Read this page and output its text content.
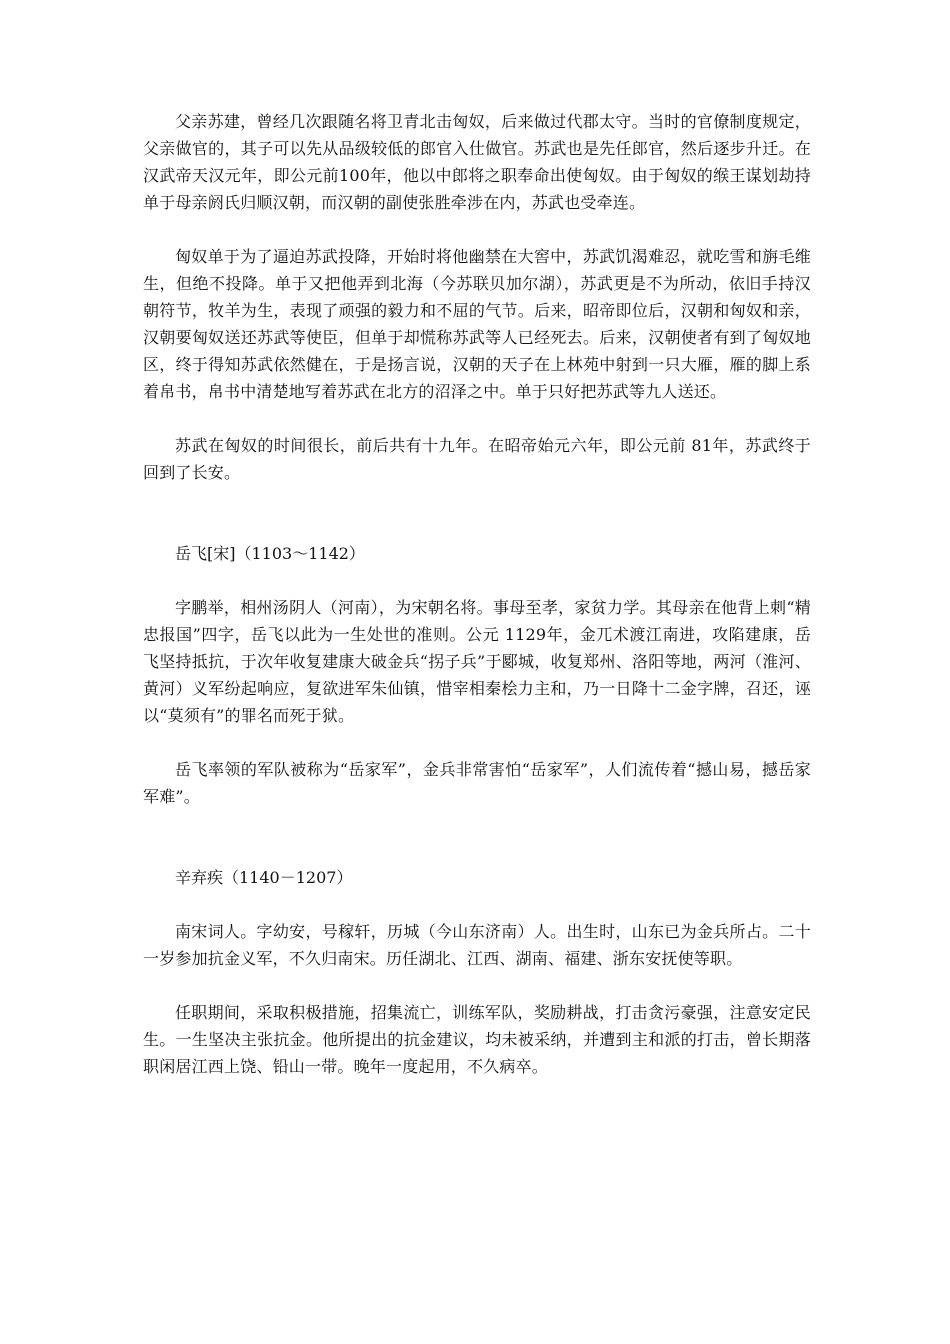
父亲苏建，曾经几次跟随名将卫青北击匈奴，后来做过代郡太守。当时的官僚制度规定，父亲做官的，其子可以先从品级较低的郎官入仕做官。苏武也是先任郎官，然后逐步升迁。在汉武帝天汉元年，即公元前100年，他以中郎将之职奉命出使匈奴。由于匈奴的缑王谋划劫持单于母亲阏氏归顺汉朝，而汉朝的副使张胜牵涉在内，苏武也受牵连。

匈奴单于为了逼迫苏武投降，开始时将他幽禁在大窖中，苏武饥渴难忍，就吃雪和旃毛维生，但绝不投降。单于又把他弄到北海（今苏联贝加尔湖），苏武更是不为所动，依旧手持汉朝符节，牧羊为生，表现了顽强的毅力和不屈的气节。后来，昭帝即位后，汉朝和匈奴和亲，汉朝要匈奴送还苏武等使臣，但单于却慌称苏武等人已经死去。后来，汉朝使者有到了匈奴地区，终于得知苏武依然健在，于是扬言说，汉朝的天子在上林苑中射到一只大雁，雁的脚上系着帛书，帛书中清楚地写着苏武在北方的沼泽之中。单于只好把苏武等九人送还。

苏武在匈奴的时间很长，前后共有十九年。在昭帝始元六年，即公元前 81年，苏武终于回到了长安。

岳飞[宋]（1103～1142）

字鹏举，相州汤阴人（河南），为宋朝名将。事母至孝，家贫力学。其母亲在他背上刺“精忠报国”四字，岳飞以此为一生处世的准则。公元 1129年，金兀术渡江南进，攻陷建康，岳飞坚持抵抗，于次年收复建康大破金兵“拐子兵”于郾城，收复郑州、洛阳等地，两河（淮河、黄河）义军纷起响应，复欲进军朱仙镇，惜宰相秦桧力主和，乃一日降十二金字牌，召还，诬以“莫须有”的罪名而死于狱。

岳飞率领的军队被称为“岳家军”，金兵非常害怕“岳家军”，人们流传着“撼山易，撼岳家军难”。

辛弃疾（1140－1207）

南宋词人。字幼安，号稼轩，历城（今山东济南）人。出生时，山东已为金兵所占。二十一岁参加抗金义军，不久归南宋。历任湖北、江西、湖南、福建、浙东安抚使等职。

任职期间，采取积极措施，招集流亡，训练军队，奖励耕战，打击贪污豪强，注意安定民生。一生坚决主张抗金。他所提出的抗金建议，均未被采纳，并遭到主和派的打击，曾长期落职闲居江西上饶、铅山一带。晚年一度起用，不久病卒。
